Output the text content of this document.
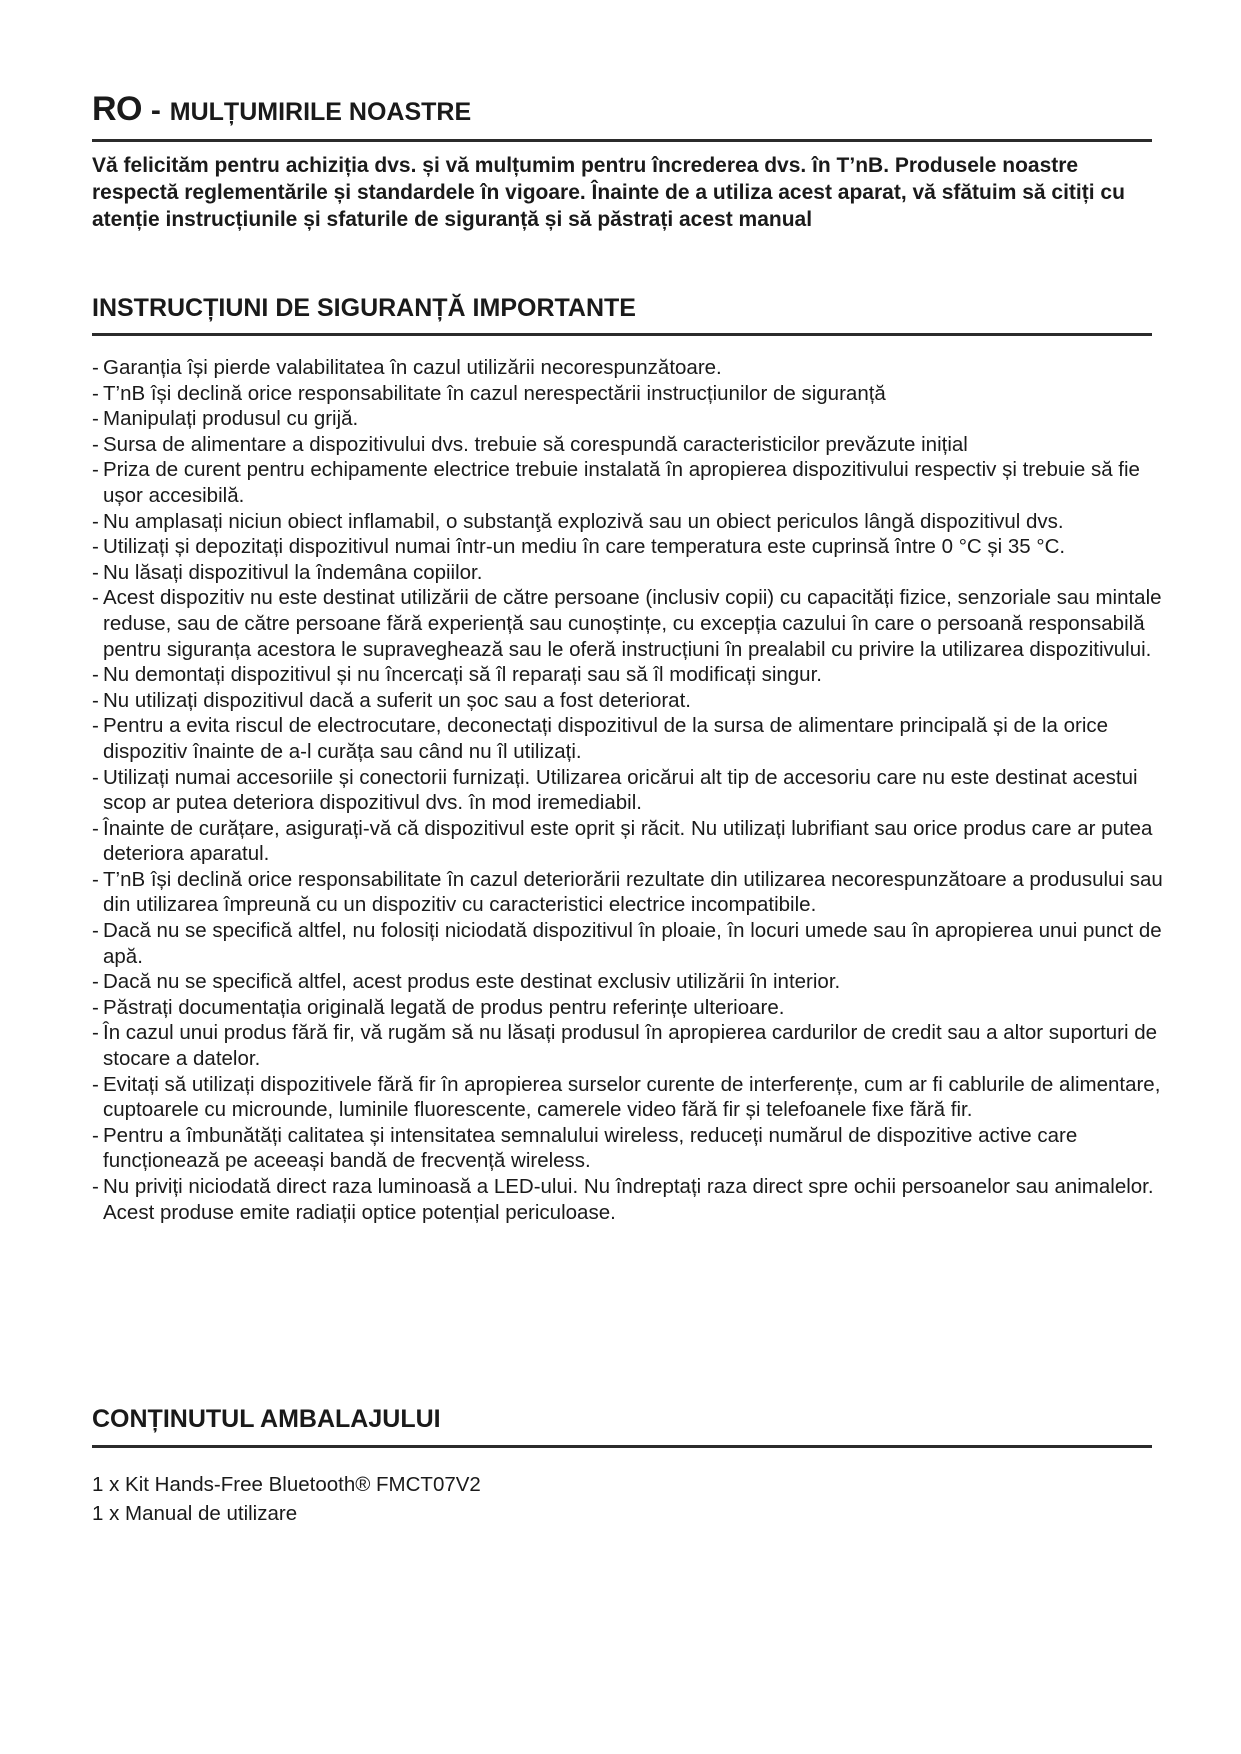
RO - MULȚUMIRILE NOASTRE

Vă felicităm pentru achiziția dvs. și vă mulțumim pentru încrederea dvs. în T’nB. Produsele noastre respectă reglementările și standardele în vigoare. Înainte de a utiliza acest aparat, vă sfătuim să citiți cu atenție instrucțiunile și sfaturile de siguranță și să păstrați acest manual

INSTRUCȚIUNI DE SIGURANȚĂ IMPORTANTE
- Garanția își pierde valabilitatea în cazul utilizării necorespunzătoare.
- T’nB își declină orice responsabilitate în cazul nerespectării instrucțiunilor de siguranță
- Manipulați produsul cu grijă.
- Sursa de alimentare a dispozitivului dvs. trebuie să corespundă caracteristicilor prevăzute inițial
- Priza de curent pentru echipamente electrice trebuie instalată în apropierea dispozitivului respectiv și trebuie să fie ușor accesibilă.
- Nu amplasați niciun obiect inflamabil, o substanţă explozivă sau un obiect periculos lângă dispozitivul dvs.
- Utilizați și depozitați dispozitivul numai într-un mediu în care temperatura este cuprinsă între 0 °C și 35 °C.
- Nu lăsați dispozitivul la îndemâna copiilor.
- Acest dispozitiv nu este destinat utilizării de către persoane (inclusiv copii) cu capacități fizice, senzoriale sau mintale reduse, sau de către persoane fără experiență sau cunoștințe, cu excepția cazului în care o persoană responsabilă pentru siguranța acestora le supraveghează sau le oferă instrucțiuni în prealabil cu privire la utilizarea dispozitivului.
- Nu demontați dispozitivul și nu încercați să îl reparați sau să îl modificați singur.
- Nu utilizați dispozitivul dacă a suferit un șoc sau a fost deteriorat.
- Pentru a evita riscul de electrocutare, deconectați dispozitivul de la sursa de alimentare principală și de la orice dispozitiv înainte de a-l curăța sau când nu îl utilizați.
- Utilizați numai accesoriile și conectorii furnizați. Utilizarea oricărui alt tip de accesoriu care nu este destinat acestui scop ar putea deteriora dispozitivul dvs. în mod iremediabil.
- Înainte de curățare, asigurați-vă că dispozitivul este oprit și răcit. Nu utilizați lubrifiant sau orice produs care ar putea deteriora aparatul.
- T’nB își declină orice responsabilitate în cazul deteriorării rezultate din utilizarea necorespunzătoare a produsului sau din utilizarea împreună cu un dispozitiv cu caracteristici electrice incompatibile.
- Dacă nu se specifică altfel, nu folosiți niciodată dispozitivul în ploaie, în locuri umede sau în apropierea unui punct de apă.
- Dacă nu se specifică altfel, acest produs este destinat exclusiv utilizării în interior.
- Păstrați documentația originală legată de produs pentru referințe ulterioare.
- În cazul unui produs fără fir, vă rugăm să nu lăsați produsul în apropierea cardurilor de credit sau a altor suporturi de stocare a datelor.
- Evitați să utilizați dispozitivele fără fir în apropierea surselor curente de interferențe, cum ar fi cablurile de alimentare, cuptoarele cu microunde, luminile fluorescente, camerele video fără fir și telefoanele fixe fără fir.
- Pentru a îmbunătăți calitatea și intensitatea semnalului wireless, reduceți numărul de dispozitive active care funcționează pe aceeași bandă de frecvență wireless.
- Nu priviți niciodată direct raza luminoasă a LED-ului. Nu îndreptați raza direct spre ochii persoanelor sau animalelor. Acest produse emite radiații optice potențial periculoase.
CONȚINUTUL AMBALAJULUI
1 x Kit Hands-Free Bluetooth® FMCT07V2
1 x Manual de utilizare
